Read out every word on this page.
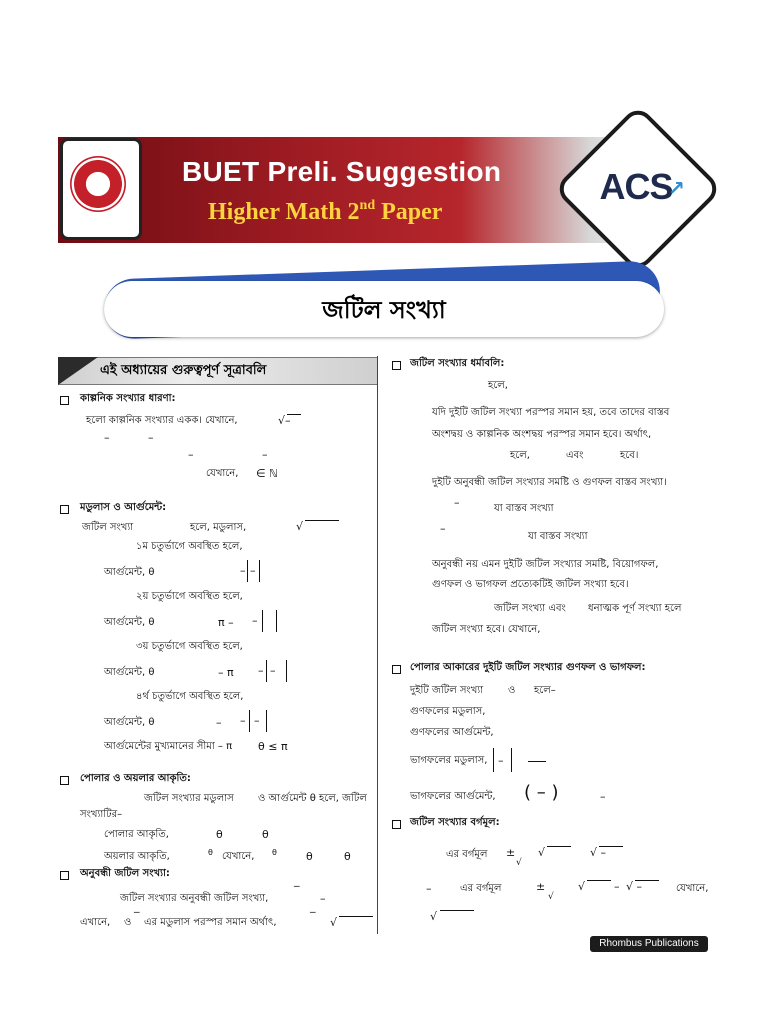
BUET Preli. Suggestion
Higher Math 2nd Paper
ACS
↗
জটিল সংখ্যা
এই অধ্যায়ের গুরুত্বপূর্ণ সূত্রাবলি
কাল্পনিক সংখ্যার ধারণা:
হলো কাল্পনিক সংখ্যার একক। যেখানে,	√–
–	–
–	–
যেখানে, ∈ ℕ
মডুলাস ও আর্গুমেন্ট:
জটিল সংখ্যা	হলে, মডুলাস,	√
১ম চতুর্ভাগে অবস্থিত হলে,
আর্গুমেন্ট, θ	– –
২য় চতুর্ভাগে অবস্থিত হলে,
আর্গুমেন্ট, θ	π – –
৩য় চতুর্ভাগে অবস্থিত হলে,
আর্গুমেন্ট, θ	– π – –
৪র্থ চতুর্ভাগে অবস্থিত হলে,
আর্গুমেন্ট, θ	– – –
আর্গুমেন্টের মুখ্যমানের সীমা – π θ ≤ π
পোলার ও অয়লার আকৃতি:
জটিল সংখ্যার মডুলাস ও আর্গুমেন্ট θ হলে, জটিল
সংখ্যাটির–
পোলার আকৃতি,	θ	θ
অয়লার আকৃতি,	θ যেখানে, θ	θ	θ
অনুবন্ধী জটিল সংখ্যা:
জটিল সংখ্যার অনুবন্ধী জটিল সংখ্যা,
‾
–
এখানে, ও ‾ এর মডুলাস পরস্পর সমান অর্থাৎ,	‾ √
জটিল সংখ্যার ধর্মাবলি:
হলে,
যদি দুইটি জটিল সংখ্যা পরস্পর সমান হয়, তবে তাদের বাস্তব
অংশদ্বয় ও কাল্পনিক অংশদ্বয় পরস্পর সমান হবে। অর্থাৎ,
হলে,	এবং	হবে।
দুইটি অনুবন্ধী জটিল সংখ্যার সমষ্টি ও গুণফল বাস্তব সংখ্যা।
–	যা বাস্তব সংখ্যা
–
যা বাস্তব সংখ্যা
অনুবন্ধী নয় এমন দুইটি জটিল সংখ্যার সমষ্টি, বিয়োগফল,
গুণফল ও ভাগফল প্রত্যেকটিই জটিল সংখ্যা হবে।
জটিল সংখ্যা এবং ধনাত্মক পূর্ণ সংখ্যা হলে
জটিল সংখ্যা হবে। যেখানে,
পোলার আকারের দুইটি জটিল সংখ্যার গুণফল ও ভাগফল:
দুইটি জটিল সংখ্যা ও হলে–
গুণফলের মডুলাস,
গুণফলের আর্গুমেন্ট,
ভাগফলের মডুলাস, –
ভাগফলের আর্গুমেন্ট, ( – )	–
জটিল সংখ্যার বর্গমূল:
এর বর্গমূল ±
√
√	√ –
–	এর বর্গমূল	±
√
√	– √ –	যেখানে,
√
Rhombus Publications
